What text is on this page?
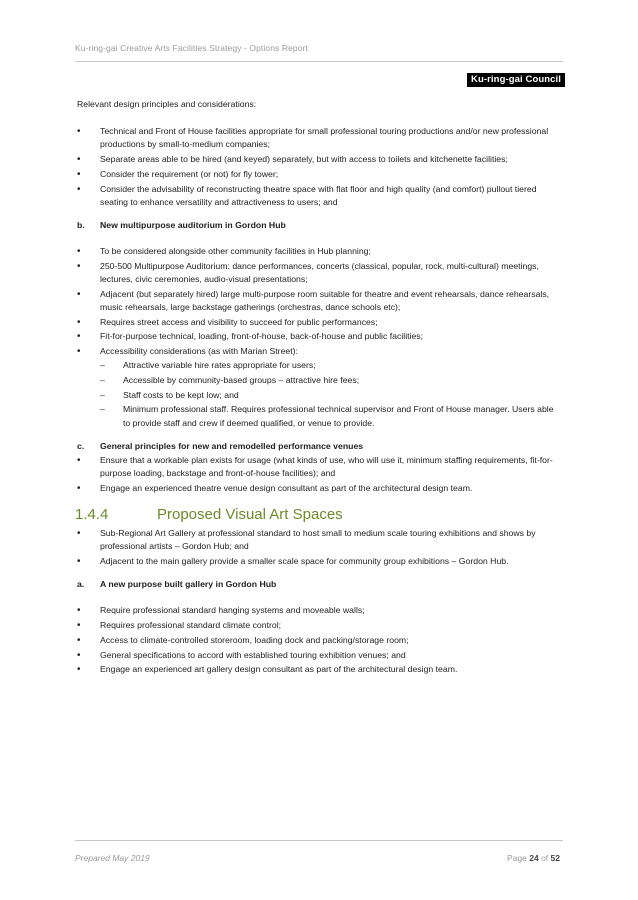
Ku-ring-gai Creative Arts Facilities Strategy - Options Report
Ku-ring-gai Council

Relevant design principles and considerations:

• Technical and Front of House facilities appropriate for small professional touring productions and/or new professional productions by small-to-medium companies;
• Separate areas able to be hired (and keyed) separately, but with access to toilets and kitchenette facilities;
• Consider the requirement (or not) for fly tower;
• Consider the advisability of reconstructing theatre space with flat floor and high quality (and comfort) pullout tiered seating to enhance versatility and attractiveness to users; and
b.	New multipurpose auditorium in Gordon Hub
• To be considered alongside other community facilities in Hub planning;
• 250-500 Multipurpose Auditorium: dance performances, concerts (classical, popular, rock, multi-cultural) meetings, lectures, civic ceremonies, audio-visual presentations;
• Adjacent (but separately hired) large multi-purpose room suitable for theatre and event rehearsals, dance rehearsals, music rehearsals, large backstage gatherings (orchestras, dance schools etc);
• Requires street access and visibility to succeed for public performances;
• Fit-for-purpose technical, loading, front-of-house, back-of-house and public facilities;
• Accessibility considerations (as with Marian Street):
– Attractive variable hire rates appropriate for users;
– Accessible by community-based groups – attractive hire fees;
– Staff costs to be kept low; and
– Minimum professional staff. Requires professional technical supervisor and Front of House manager. Users able to provide staff and crew if deemed qualified, or venue to provide.
c.	General principles for new and remodelled performance venues
• Ensure that a workable plan exists for usage (what kinds of use, who will use it, minimum staffing requirements, fit-for-purpose loading, backstage and front-of-house facilities); and
• Engage an experienced theatre venue design consultant as part of the architectural design team.
1.4.4	Proposed Visual Art Spaces
• Sub-Regional Art Gallery at professional standard to host small to medium scale touring exhibitions and shows by professional artists – Gordon Hub; and
• Adjacent to the main gallery provide a smaller scale space for community group exhibitions – Gordon Hub.
a.	A new purpose built gallery in Gordon Hub
• Require professional standard hanging systems and moveable walls;
• Requires professional standard climate control;
• Access to climate-controlled storeroom, loading dock and packing/storage room;
• General specifications to accord with established touring exhibition venues; and
• Engage an experienced art gallery design consultant as part of the architectural design team.
Prepared May 2019	Page 24 of 52
